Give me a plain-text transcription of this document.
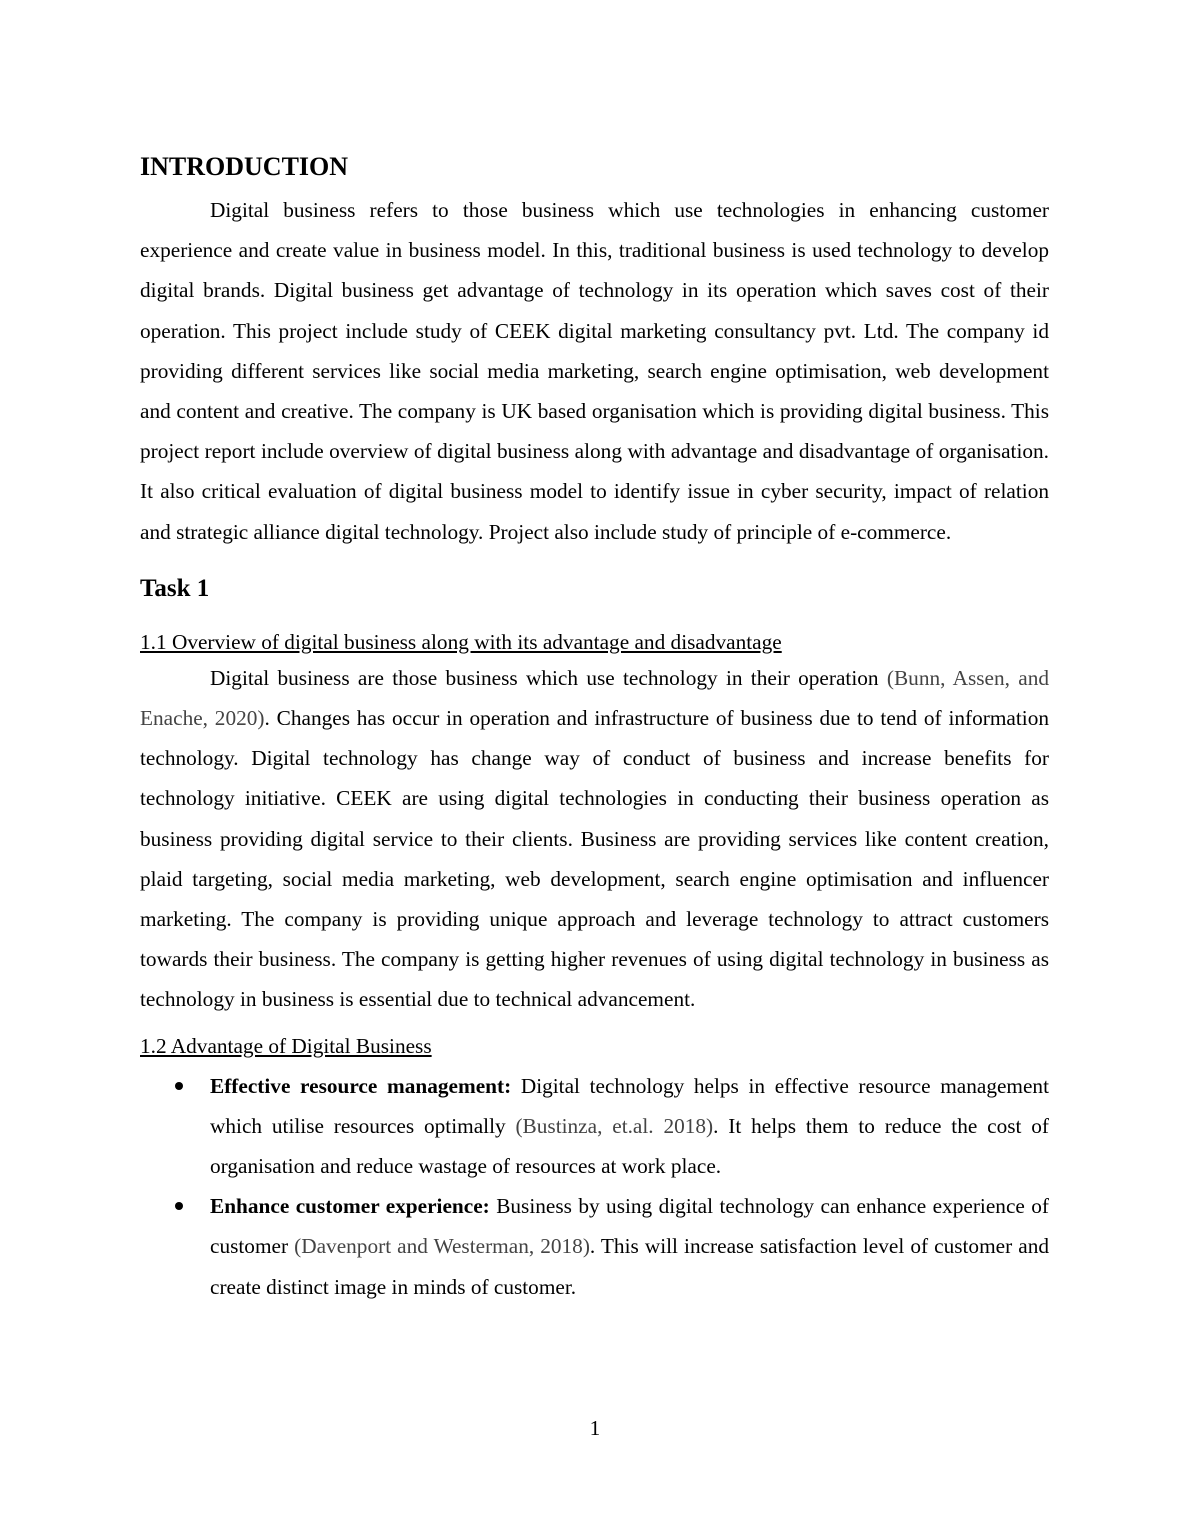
INTRODUCTION

Digital business refers to those business which use technologies in enhancing customer experience and create value in business model. In this, traditional business is used technology to develop digital brands. Digital business get advantage of technology in its operation which saves cost of their operation. This project include study of CEEK digital marketing consultancy pvt. Ltd. The company id providing different services like social media marketing, search engine optimisation, web development and content and creative. The company is UK based organisation which is providing digital business. This project report include overview of digital business along with advantage and disadvantage of organisation. It also critical evaluation of digital business model to identify issue in cyber security, impact of relation and strategic alliance digital technology. Project also include study of principle of e-commerce.

Task 1

1.1 Overview of digital business along with its advantage and disadvantage

Digital business are those business which use technology in their operation (Bunn, Assen, and Enache, 2020). Changes has occur in operation and infrastructure of business due to tend of information technology. Digital technology has change way of conduct of business and increase benefits for technology initiative. CEEK are using digital technologies in conducting their business operation as business providing digital service to their clients. Business are providing services like content creation, plaid targeting, social media marketing, web development, search engine optimisation and influencer marketing. The company is providing unique approach and leverage technology to attract customers towards their business. The company is getting higher revenues of using digital technology in business as technology in business is essential due to technical advancement.

1.2 Advantage of Digital Business

Effective resource management: Digital technology helps in effective resource management which utilise resources optimally (Bustinza, et.al. 2018). It helps them to reduce the cost of organisation and reduce wastage of resources at work place.
Enhance customer experience: Business by using digital technology can enhance experience of customer (Davenport and Westerman, 2018). This will increase satisfaction level of customer and create distinct image in minds of customer.
1
